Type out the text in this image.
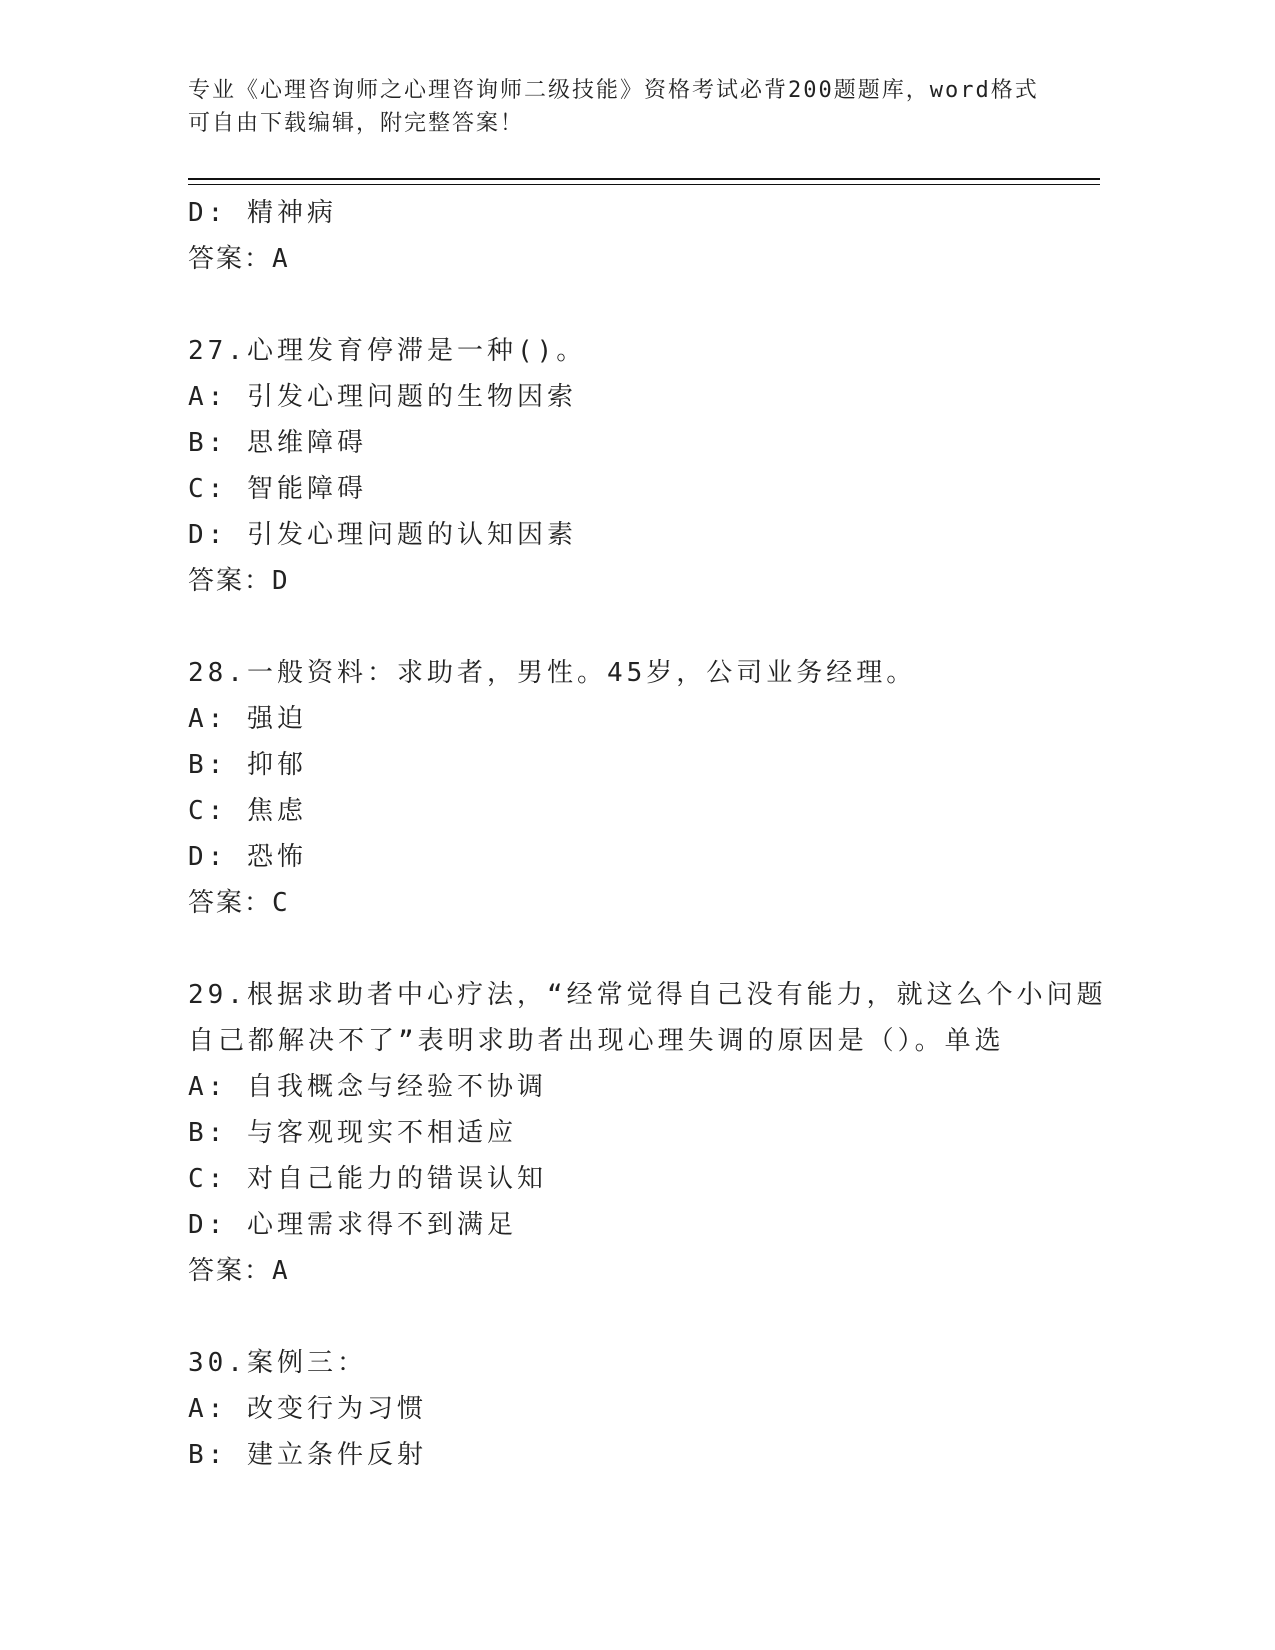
专业《心理咨询师之心理咨询师二级技能》资格考试必背200题题库，word格式
可自由下载编辑，附完整答案！
D: 精神病
答案：A
27.心理发育停滞是一种()。
A: 引发心理问题的生物因索
B: 思维障碍
C: 智能障碍
D: 引发心理问题的认知因素
答案：D
28.一般资料：求助者，男性。45岁，公司业务经理。
A: 强迫
B: 抑郁
C: 焦虑
D: 恐怖
答案：C
29.根据求助者中心疗法，“经常觉得自己没有能力，就这么个小问题
自己都解决不了”表明求助者出现心理失调的原因是（）。单选
A: 自我概念与经验不协调
B: 与客观现实不相适应
C: 对自己能力的错误认知
D: 心理需求得不到满足
答案：A
30.案例三：
A: 改变行为习惯
B: 建立条件反射
